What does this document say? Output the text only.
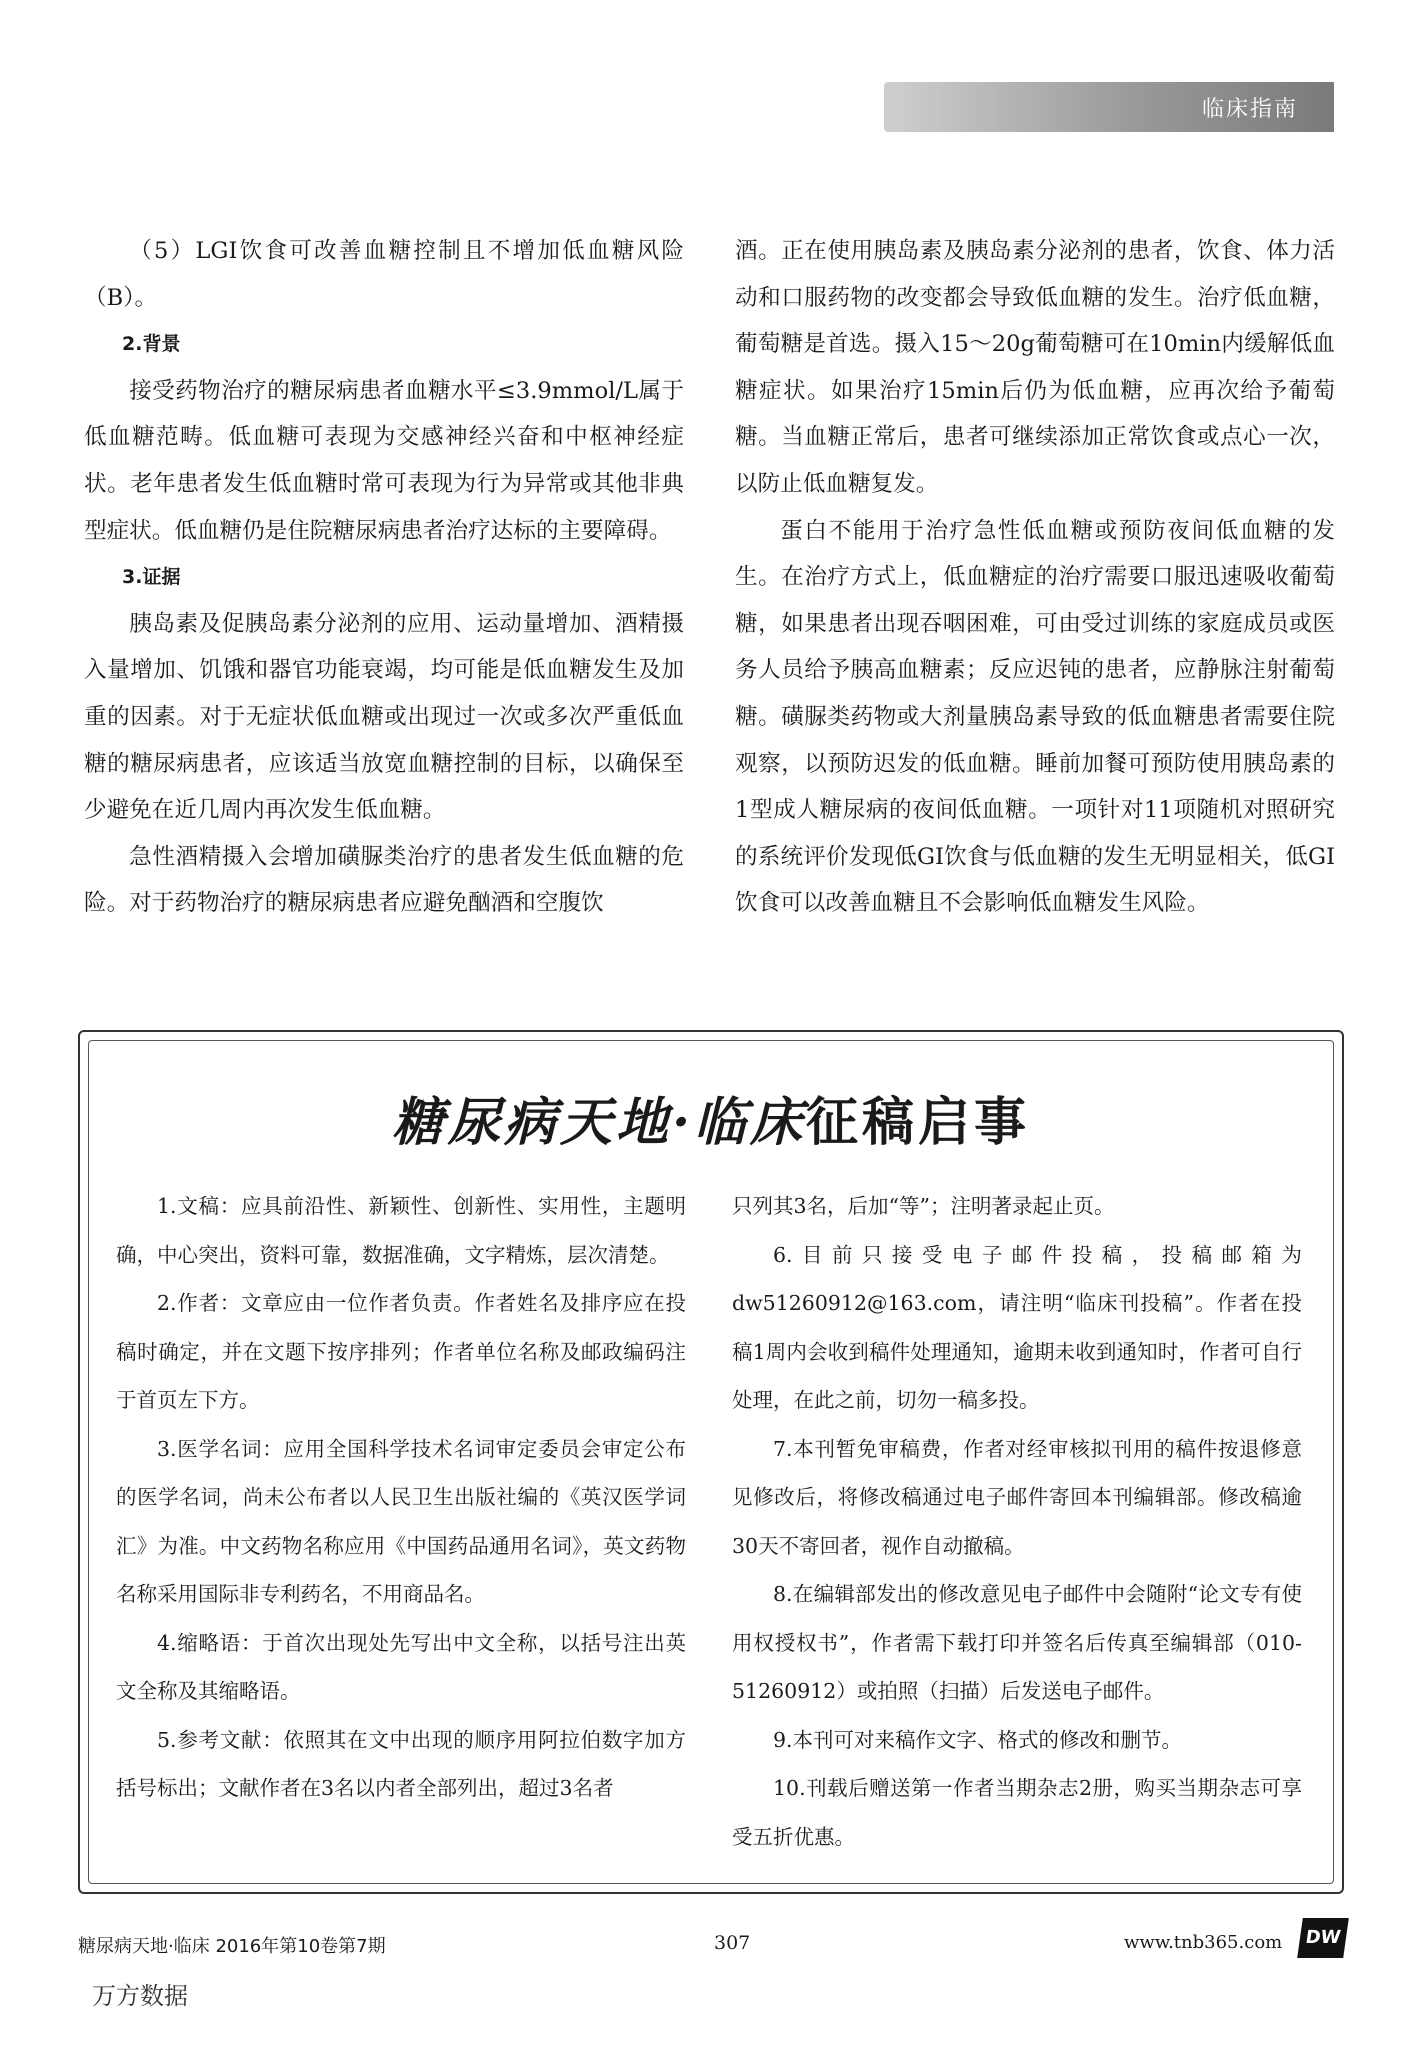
临床指南

（5）LGI饮食可改善血糖控制且不增加低血糖风险（B）。

2.背景

接受药物治疗的糖尿病患者血糖水平≤3.9mmol/L属于低血糖范畴。低血糖可表现为交感神经兴奋和中枢神经症状。老年患者发生低血糖时常可表现为行为异常或其他非典型症状。低血糖仍是住院糖尿病患者治疗达标的主要障碍。

3.证据

胰岛素及促胰岛素分泌剂的应用、运动量增加、酒精摄入量增加、饥饿和器官功能衰竭，均可能是低血糖发生及加重的因素。对于无症状低血糖或出现过一次或多次严重低血糖的糖尿病患者，应该适当放宽血糖控制的目标，以确保至少避免在近几周内再次发生低血糖。

急性酒精摄入会增加磺脲类治疗的患者发生低血糖的危险。对于药物治疗的糖尿病患者应避免酗酒和空腹饮

酒。正在使用胰岛素及胰岛素分泌剂的患者，饮食、体力活动和口服药物的改变都会导致低血糖的发生。治疗低血糖，葡萄糖是首选。摄入15～20g葡萄糖可在10min内缓解低血糖症状。如果治疗15min后仍为低血糖，应再次给予葡萄糖。当血糖正常后，患者可继续添加正常饮食或点心一次，以防止低血糖复发。

蛋白不能用于治疗急性低血糖或预防夜间低血糖的发生。在治疗方式上，低血糖症的治疗需要口服迅速吸收葡萄糖，如果患者出现吞咽困难，可由受过训练的家庭成员或医务人员给予胰高血糖素；反应迟钝的患者，应静脉注射葡萄糖。磺脲类药物或大剂量胰岛素导致的低血糖患者需要住院观察，以预防迟发的低血糖。睡前加餐可预防使用胰岛素的1型成人糖尿病的夜间低血糖。一项针对11项随机对照研究的系统评价发现低GI饮食与低血糖的发生无明显相关，低GI饮食可以改善血糖且不会影响低血糖发生风险。

糖尿病天地·临床征稿启事

1.文稿：应具前沿性、新颖性、创新性、实用性，主题明确，中心突出，资料可靠，数据准确，文字精炼，层次清楚。

2.作者：文章应由一位作者负责。作者姓名及排序应在投稿时确定，并在文题下按序排列；作者单位名称及邮政编码注于首页左下方。

3.医学名词：应用全国科学技术名词审定委员会审定公布的医学名词，尚未公布者以人民卫生出版社编的《英汉医学词汇》为准。中文药物名称应用《中国药品通用名词》，英文药物名称采用国际非专利药名，不用商品名。

4.缩略语：于首次出现处先写出中文全称，以括号注出英文全称及其缩略语。

5.参考文献：依照其在文中出现的顺序用阿拉伯数字加方括号标出；文献作者在3名以内者全部列出，超过3名者

只列其3名，后加“等”；注明著录起止页。

6.目前只接受电子邮件投稿，投稿邮箱为dw51260912@163.com，请注明“临床刊投稿”。作者在投稿1周内会收到稿件处理通知，逾期未收到通知时，作者可自行处理，在此之前，切勿一稿多投。

7.本刊暂免审稿费，作者对经审核拟刊用的稿件按退修意见修改后，将修改稿通过电子邮件寄回本刊编辑部。修改稿逾30天不寄回者，视作自动撤稿。

8.在编辑部发出的修改意见电子邮件中会随附“论文专有使用权授权书”，作者需下载打印并签名后传真至编辑部（010-51260912）或拍照（扫描）后发送电子邮件。

9.本刊可对来稿作文字、格式的修改和删节。

10.刊载后赠送第一作者当期杂志2册，购买当期杂志可享受五折优惠。

糖尿病天地·临床 2016年第10卷第7期	307	www.tnb365.com	DW
万方数据
